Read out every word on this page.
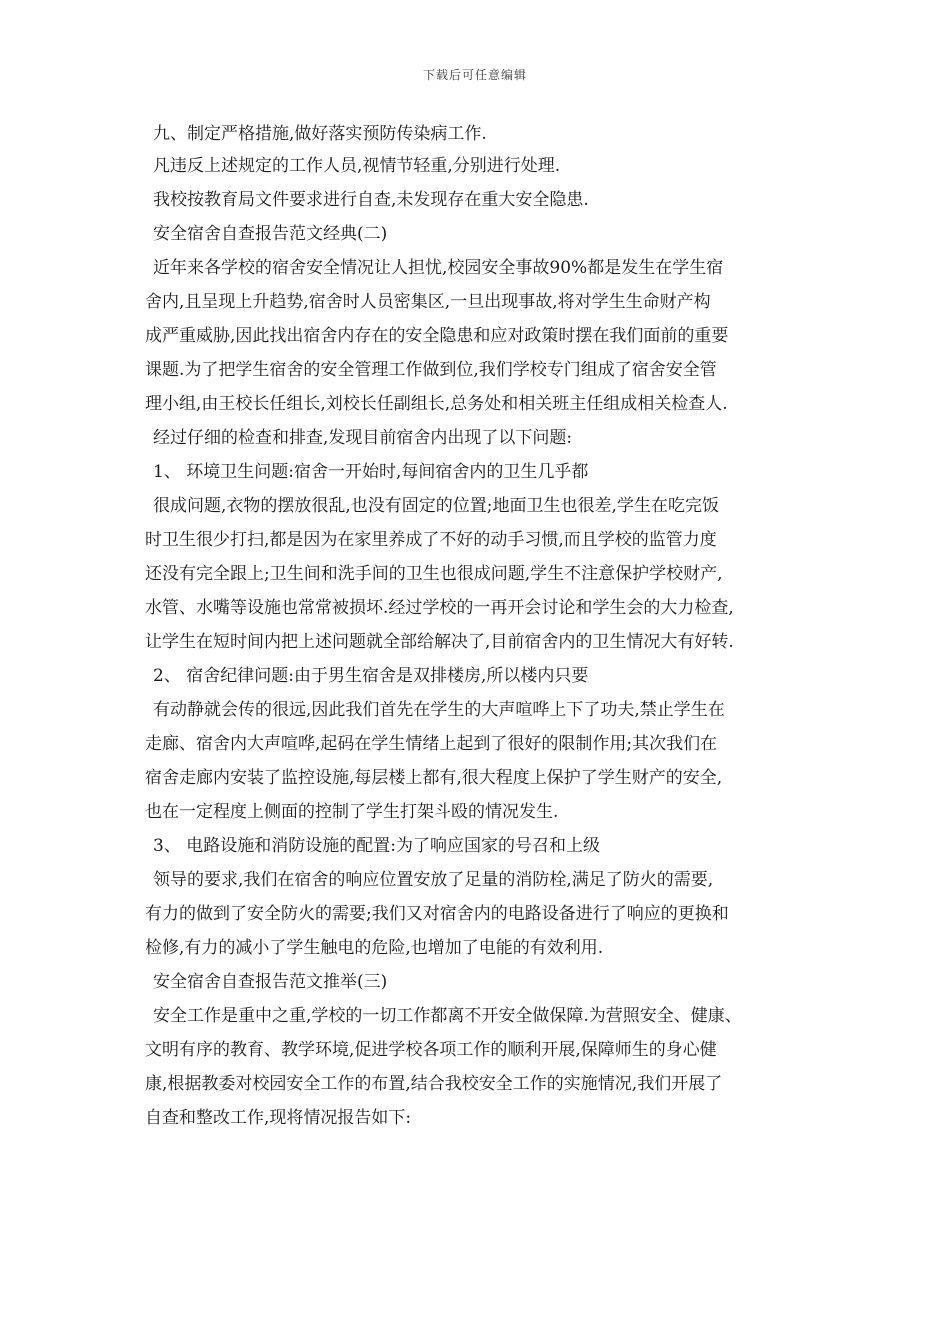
下载后可任意编辑
九、制定严格措施,做好落实预防传染病工作.
凡违反上述规定的工作人员,视情节轻重,分别进行处理.
我校按教育局文件要求进行自查,未发现存在重大安全隐患.
安全宿舍自查报告范文经典(二)
近年来各学校的宿舍安全情况让人担忧,校园安全事故90%都是发生在学生宿
舍内,且呈现上升趋势,宿舍时人员密集区,一旦出现事故,将对学生生命财产构
成严重威胁,因此找出宿舍内存在的安全隐患和应对政策时摆在我们面前的重要
课题.为了把学生宿舍的安全管理工作做到位,我们学校专门组成了宿舍安全管
理小组,由王校长任组长,刘校长任副组长,总务处和相关班主任组成相关检查人.
经过仔细的检查和排查,发现目前宿舍内出现了以下问题:
1、 环境卫生问题:宿舍一开始时,每间宿舍内的卫生几乎都
很成问题,衣物的摆放很乱,也没有固定的位置;地面卫生也很差,学生在吃完饭
时卫生很少打扫,都是因为在家里养成了不好的动手习惯,而且学校的监管力度
还没有完全跟上;卫生间和洗手间的卫生也很成问题,学生不注意保护学校财产,
水管、水嘴等设施也常常被损坏.经过学校的一再开会讨论和学生会的大力检查,
让学生在短时间内把上述问题就全部给解决了,目前宿舍内的卫生情况大有好转.
2、 宿舍纪律问题:由于男生宿舍是双排楼房,所以楼内只要
有动静就会传的很远,因此我们首先在学生的大声喧哗上下了功夫,禁止学生在
走廊、宿舍内大声喧哗,起码在学生情绪上起到了很好的限制作用;其次我们在
宿舍走廊内安装了监控设施,每层楼上都有,很大程度上保护了学生财产的安全,
也在一定程度上侧面的控制了学生打架斗殴的情况发生.
3、 电路设施和消防设施的配置:为了响应国家的号召和上级
领导的要求,我们在宿舍的响应位置安放了足量的消防栓,满足了防火的需要,
有力的做到了安全防火的需要;我们又对宿舍内的电路设备进行了响应的更换和
检修,有力的减小了学生触电的危险,也增加了电能的有效利用.
安全宿舍自查报告范文推举(三)
安全工作是重中之重,学校的一切工作都离不开安全做保障.为营照安全、健康、
文明有序的教育、教学环境,促进学校各项工作的顺利开展,保障师生的身心健
康,根据教委对校园安全工作的布置,结合我校安全工作的实施情况,我们开展了
自查和整改工作,现将情况报告如下:
